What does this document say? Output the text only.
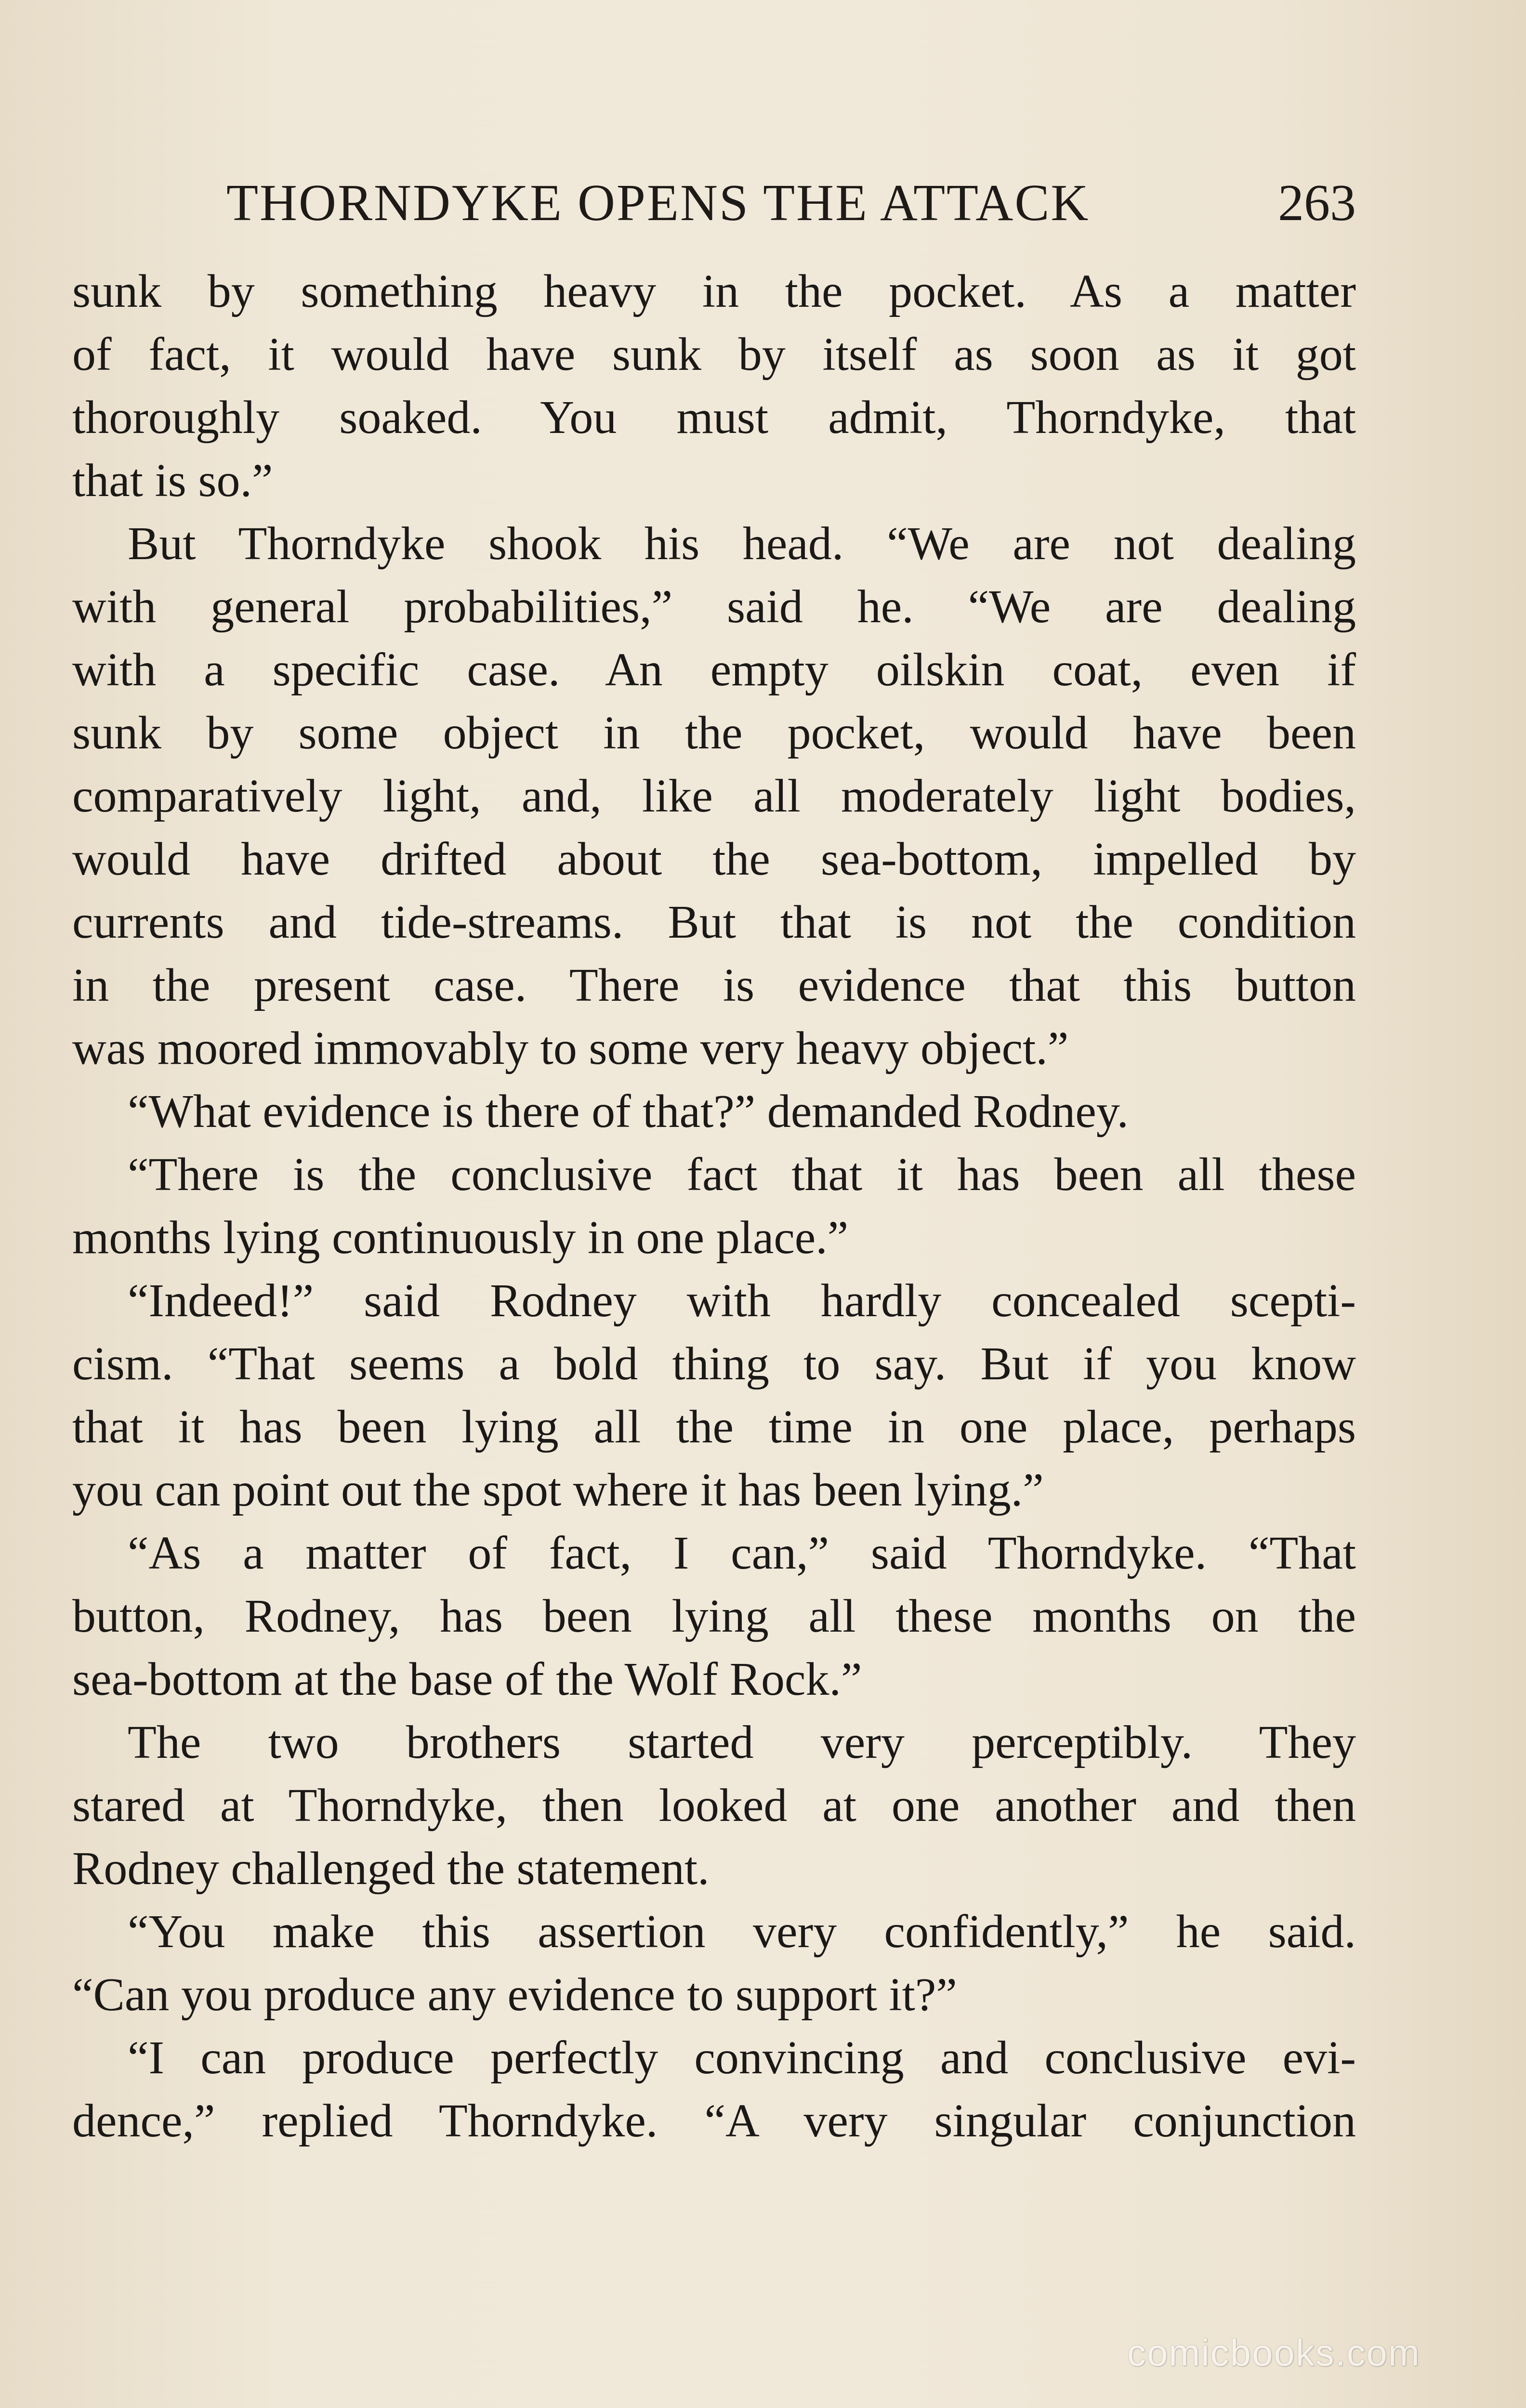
THORNDYKE OPENS THE ATTACK	263
sunk by something heavy in the pocket. As a matter
of fact, it would have sunk by itself as soon as it got
thoroughly soaked. You must admit, Thorndyke, that
that is so.”
But Thorndyke shook his head. “We are not dealing
with general probabilities,” said he. “We are dealing
with a specific case. An empty oilskin coat, even if
sunk by some object in the pocket, would have been
comparatively light, and, like all moderately light bodies,
would have drifted about the sea-bottom, impelled by
currents and tide-streams. But that is not the condition
in the present case. There is evidence that this button
was moored immovably to some very heavy object.”
“What evidence is there of that?” demanded Rodney.
“There is the conclusive fact that it has been all these
months lying continuously in one place.”
“Indeed!” said Rodney with hardly concealed scepti-
cism. “That seems a bold thing to say. But if you know
that it has been lying all the time in one place, perhaps
you can point out the spot where it has been lying.”
“As a matter of fact, I can,” said Thorndyke. “That
button, Rodney, has been lying all these months on the
sea-bottom at the base of the Wolf Rock.”
The two brothers started very perceptibly. They
stared at Thorndyke, then looked at one another and then
Rodney challenged the statement.
“You make this assertion very confidently,” he said.
“Can you produce any evidence to support it?”
“I can produce perfectly convincing and conclusive evi-
dence,” replied Thorndyke. “A very singular conjunction
comicbooks.com
